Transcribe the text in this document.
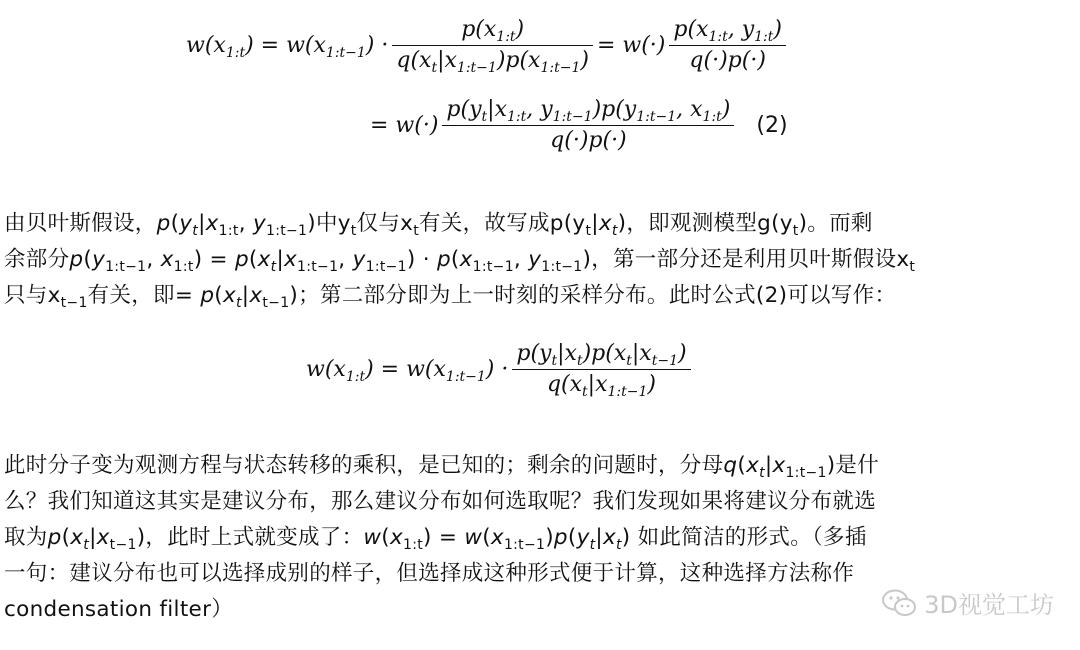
$w(x_{1:t}) = w(x_{1:t-1}) \cdot \frac{p(x_{1:t})}{q(x_t|x_{1:t-1})p(x_{1:t-1})} = w(\cdot) \frac{p(x_{1:t}, y_{1:t})}{q(\cdot)p(\cdot)}$
= $w(\cdot) \frac{p(y_t|x_{1:t}, y_{1:t-1})p(y_{1:t-1}, x_{1:t})}{q(\cdot)p(\cdot)} (2)$
由贝叶斯假设，$p(y_t|x_{1:t}$, $y_{1:t-1}$)中$y_t$仅与$x_t$有关，故写成$p(y_t|x_t)$，即观测模型$g(y_t)$。而剩
余部分$p(y_{1:t-1}$, $x_{1:t}) = p(x_t|x_{1:t-1}$, $y_{1:t-1}) \cdot p(x_{1:t-1}$, $y_{1:t-1}$)，第一部分还是利用贝叶斯假设$x_t$
只与$x_{t-1}$有关，即= $p(x_t|x_{t-1})$；第二部分即为上一时刻的采样分布。此时公式(2)可以写作：
$w(x_{1:t}) = w(x_{1:t-1}) \cdot \frac{p(y_t|x_t)p(x_t|x_{t-1})}{q(x_t|x_{1:t-1})}$
此时分子变为观测方程与状态转移的乘积，是已知的；剩余的问题时，分母$q(x_t|x_{1:t-1})$是什
么？我们知道这其实是建议分布，那么建议分布如何选取呢？我们发现如果将建议分布就选
取为$p(x_t|x_{t-1})$，此时上式就变成了：$w(x_{1:t}) = w(x_{1:t-1})p(y_t|x_t)$ 如此简洁的形式。（多插
一句：建议分布也可以选择成别的样子，但选择成这种形式便于计算，这种选择方法称作
condensation filter）	3D视觉工坊
